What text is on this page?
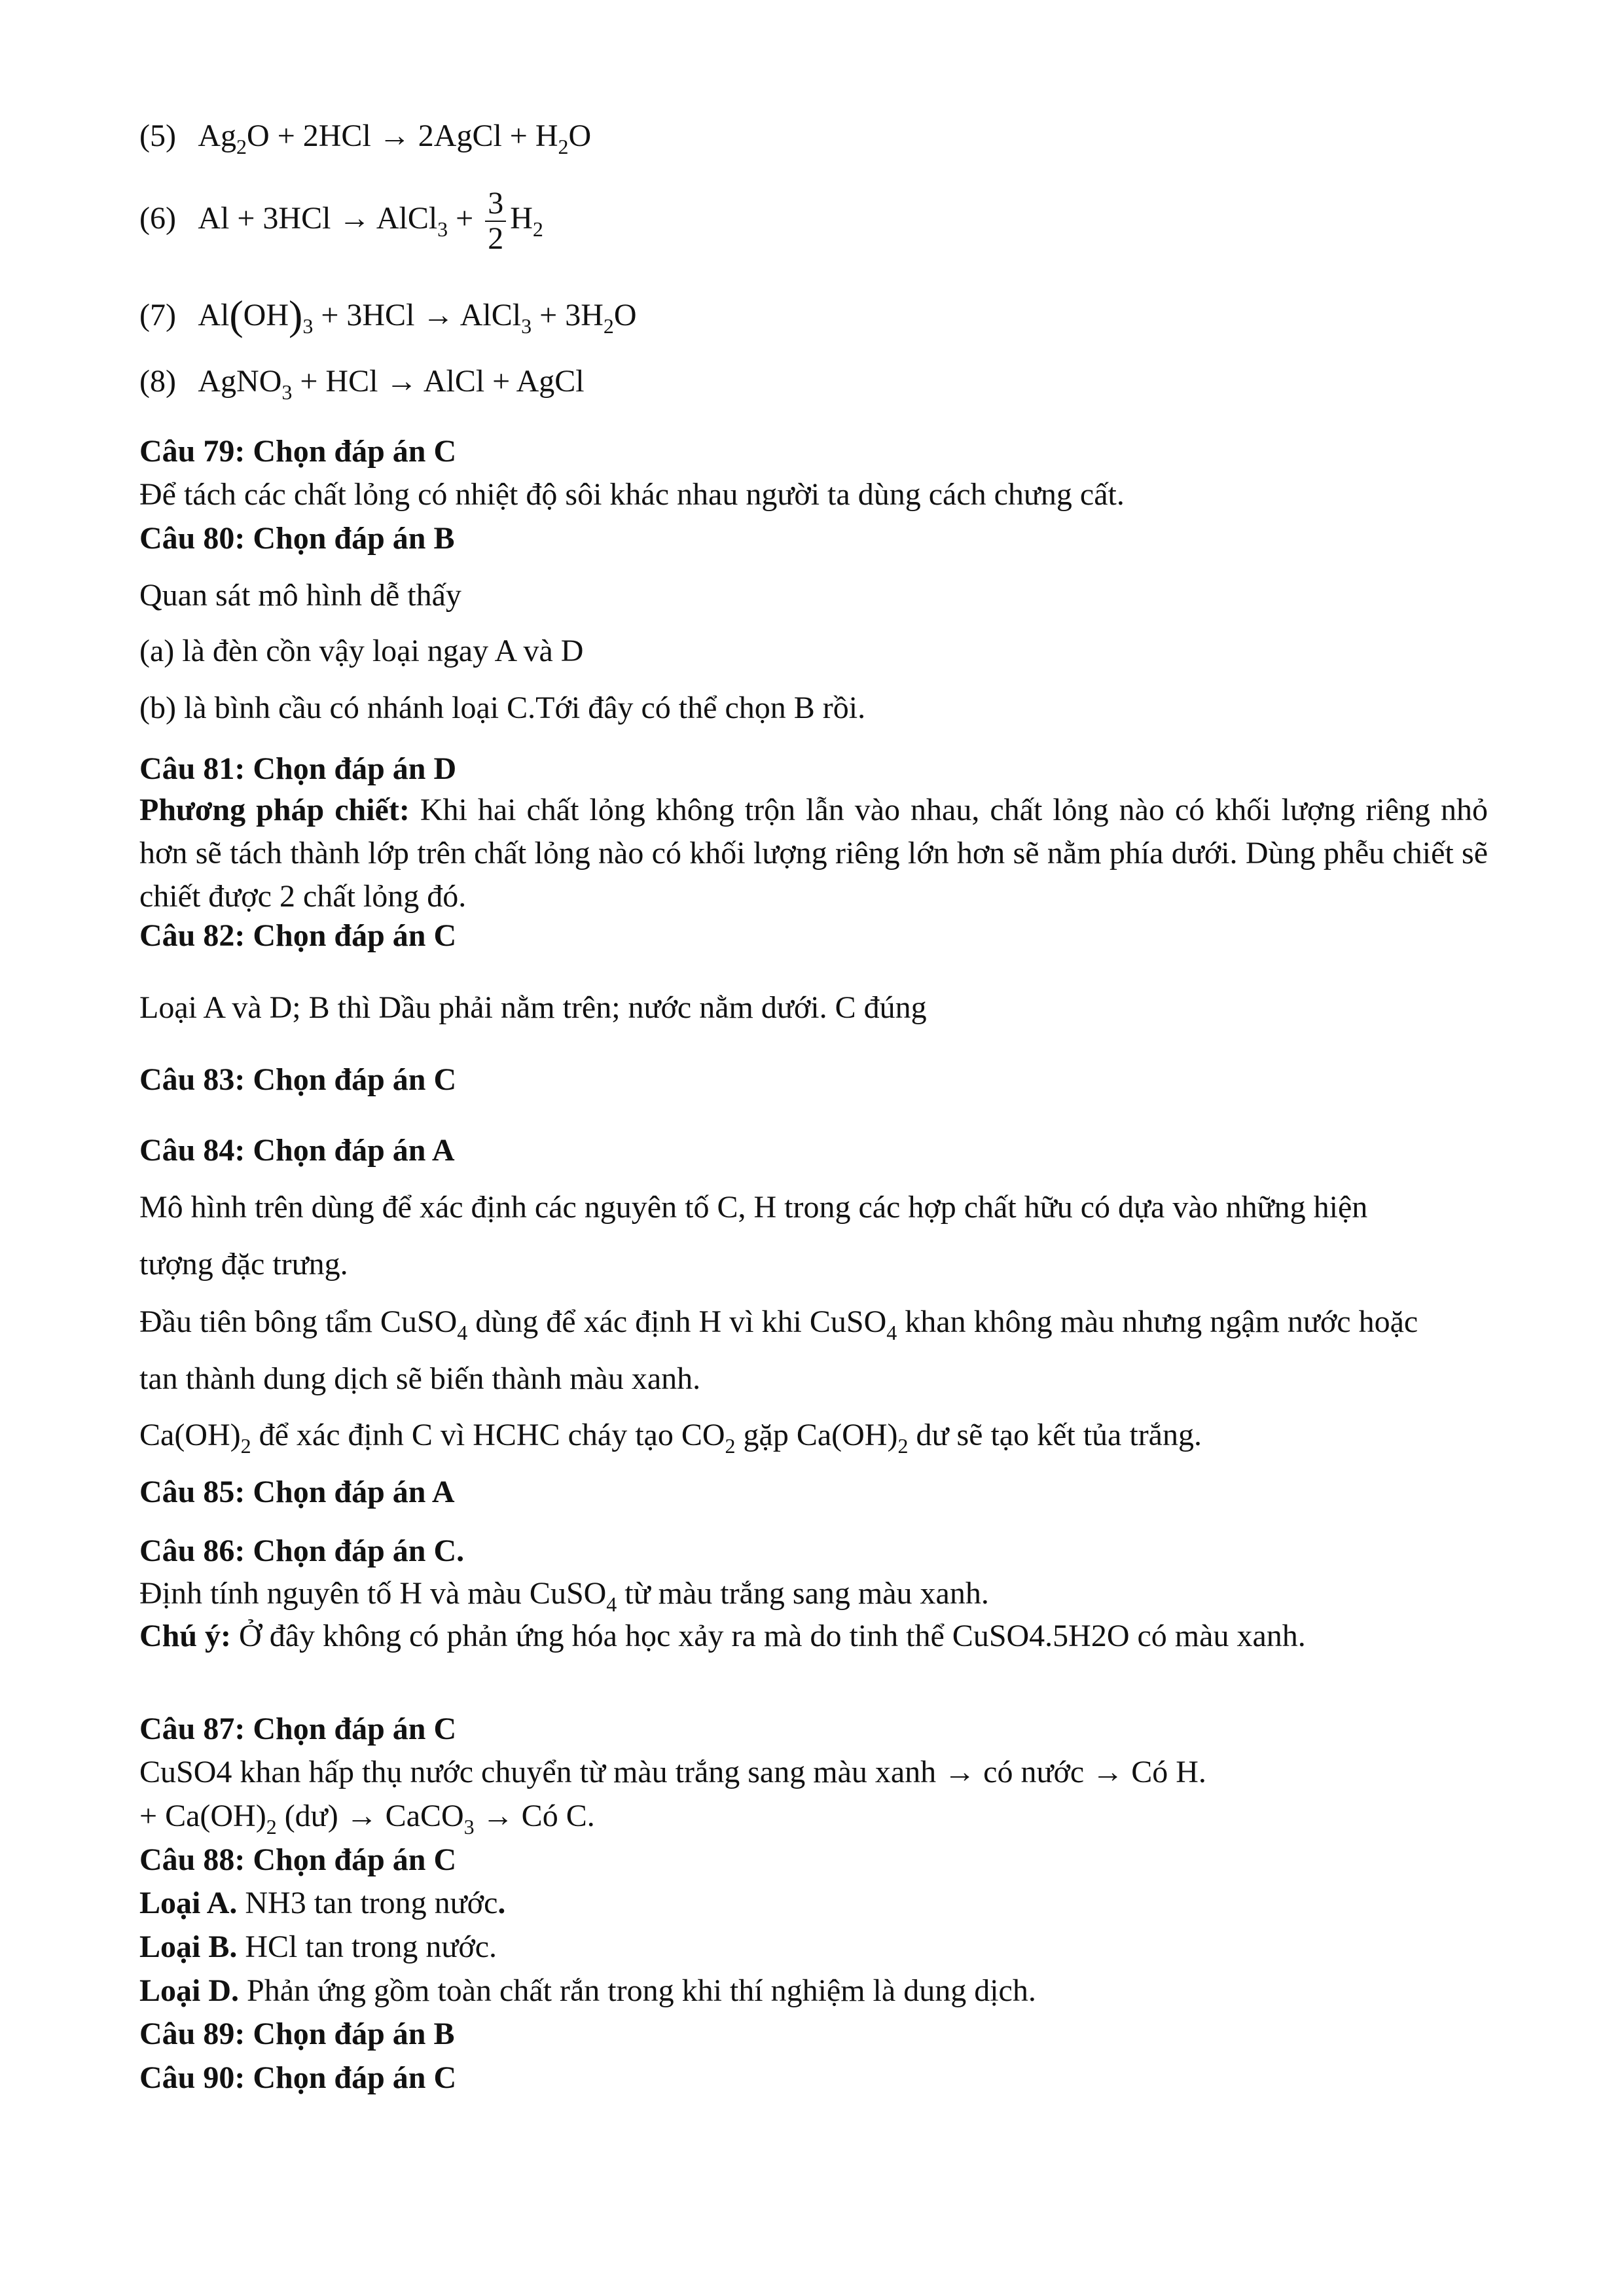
(5) $Ag_2O + 2HCl$ → 2AgCl + $H_2O$
(6) Al + 3HCl → AlCl$_3$ + $\frac{3}{2} H_2$
(7) $Al(OH)_3 + 3HCl$ → AlCl$_3$ + $3H_2O$
(8) AgNO$_3$ + HCl → AlCl + AgCl
Câu 79: Chọn đáp án C
Để tách các chất lỏng có nhiệt độ sôi khác nhau người ta dùng cách chưng cất.
Câu 80: Chọn đáp án B
Quan sát mô hình dễ thấy
(a) là đèn cồn vậy loại ngay A và D
(b) là bình cầu có nhánh loại C.Tới đây có thể chọn B rồi.
Câu 81: Chọn đáp án D
Phương pháp chiết: Khi hai chất lỏng không trộn lẫn vào nhau, chất lỏng nào có khối lượng riêng nhỏ hơn sẽ tách thành lớp trên chất lỏng nào có khối lượng riêng lớn hơn sẽ nằm phía dưới. Dùng phễu chiết sẽ chiết được 2 chất lỏng đó.
Câu 82: Chọn đáp án C
Loại A và D; B thì Dầu phải nằm trên; nước nằm dưới. C đúng
Câu 83: Chọn đáp án C
Câu 84: Chọn đáp án A
Mô hình trên dùng để xác định các nguyên tố C, H trong các hợp chất hữu có dựa vào những hiện
tượng đặc trưng.
Đầu tiên bông tẩm CuSO$_4$ dùng để xác định H vì khi CuSO$_4$ khan không màu nhưng ngậm nước hoặc
tan thành dung dịch sẽ biến thành màu xanh.
$Ca(OH)_2$ để xác định C vì HCHC cháy tạo $CO_2$ gặp $Ca(OH)_2$ dư sẽ tạo kết tủa trắng.
Câu 85: Chọn đáp án A
Câu 86: Chọn đáp án C.
Định tính nguyên tố H và màu CuSO$_4$ từ màu trắng sang màu xanh.
Chú ý: Ở đây không có phản ứng hóa học xảy ra mà do tinh thể CuSO4.5H2O có màu xanh.
Câu 87: Chọn đáp án C
CuSO4 khan hấp thụ nước chuyển từ màu trắng sang màu xanh → có nước → Có H.
+ $Ca(OH)_2$ (dư) → CaCO$_3$ → Có C.
Câu 88: Chọn đáp án C
Loại A. NH3 tan trong nước.
Loại B. HCl tan trong nước.
Loại D. Phản ứng gồm toàn chất rắn trong khi thí nghiệm là dung dịch.
Câu 89: Chọn đáp án B
Câu 90: Chọn đáp án C
